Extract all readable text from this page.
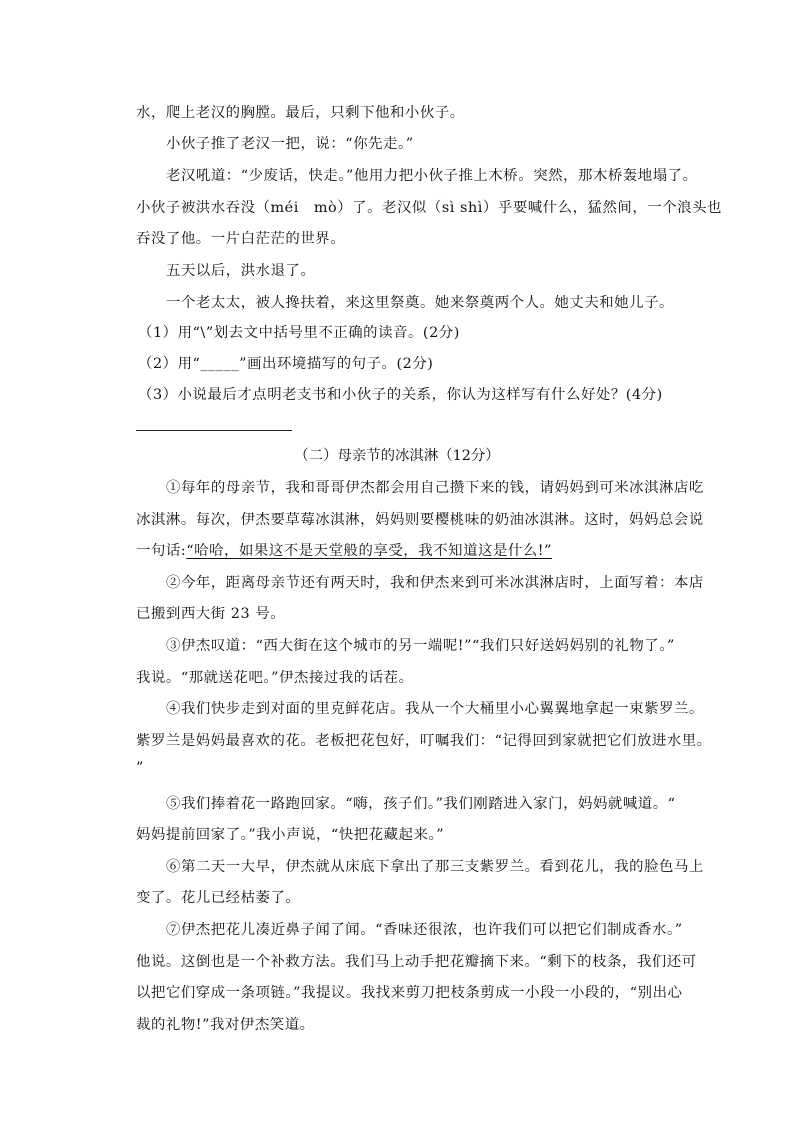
水，爬上老汉的胸膛。最后，只剩下他和小伙子。
小伙子推了老汉一把，说：“你先走。”
老汉吼道：“少废话，快走。”他用力把小伙子推上木桥。突然，那木桥轰地塌了。
小伙子被洪水吞没（méi　mò）了。老汉似（sì shì）乎要喊什么，猛然间，一个浪头也
吞没了他。一片白茫茫的世界。
五天以后，洪水退了。
一个老太太，被人搀扶着，来这里祭奠。她来祭奠两个人。她丈夫和她儿子。
（1）用“\”划去文中括号里不正确的读音。(2分)
（2）用“_____”画出环境描写的句子。(2分)
（3）小说最后才点明老支书和小伙子的关系，你认为这样写有什么好处？(4分)
（二）母亲节的冰淇淋（12分）
①每年的母亲节，我和哥哥伊杰都会用自己攒下来的钱，请妈妈到可米冰淇淋店吃
冰淇淋。每次，伊杰要草莓冰淇淋，妈妈则要樱桃味的奶油冰淇淋。这时，妈妈总会说
一句话:“哈哈，如果这不是天堂般的享受，我不知道这是什么!”
②今年，距离母亲节还有两天时，我和伊杰来到可米冰淇淋店时，上面写着：本店
已搬到西大街 23 号。
③伊杰叹道：“西大街在这个城市的另一端呢!”“我们只好送妈妈别的礼物了。”
我说。“那就送花吧。”伊杰接过我的话茬。
④我们快步走到对面的里克鲜花店。我从一个大桶里小心翼翼地拿起一束紫罗兰。
紫罗兰是妈妈最喜欢的花。老板把花包好，叮嘱我们：“记得回到家就把它们放进水里。
”
⑤我们捧着花一路跑回家。“嗨，孩子们。”我们刚踏进入家门，妈妈就喊道。“
妈妈提前回家了。”我小声说，“快把花藏起来。”
⑥第二天一大早，伊杰就从床底下拿出了那三支紫罗兰。看到花儿，我的脸色马上
变了。花儿已经枯萎了。
⑦伊杰把花儿凑近鼻子闻了闻。“香味还很浓，也许我们可以把它们制成香水。”
他说。这倒也是一个补救方法。我们马上动手把花瓣摘下来。“剩下的枝条，我们还可
以把它们穿成一条项链。”我提议。我找来剪刀把枝条剪成一小段一小段的，“别出心
裁的礼物!”我对伊杰笑道。
